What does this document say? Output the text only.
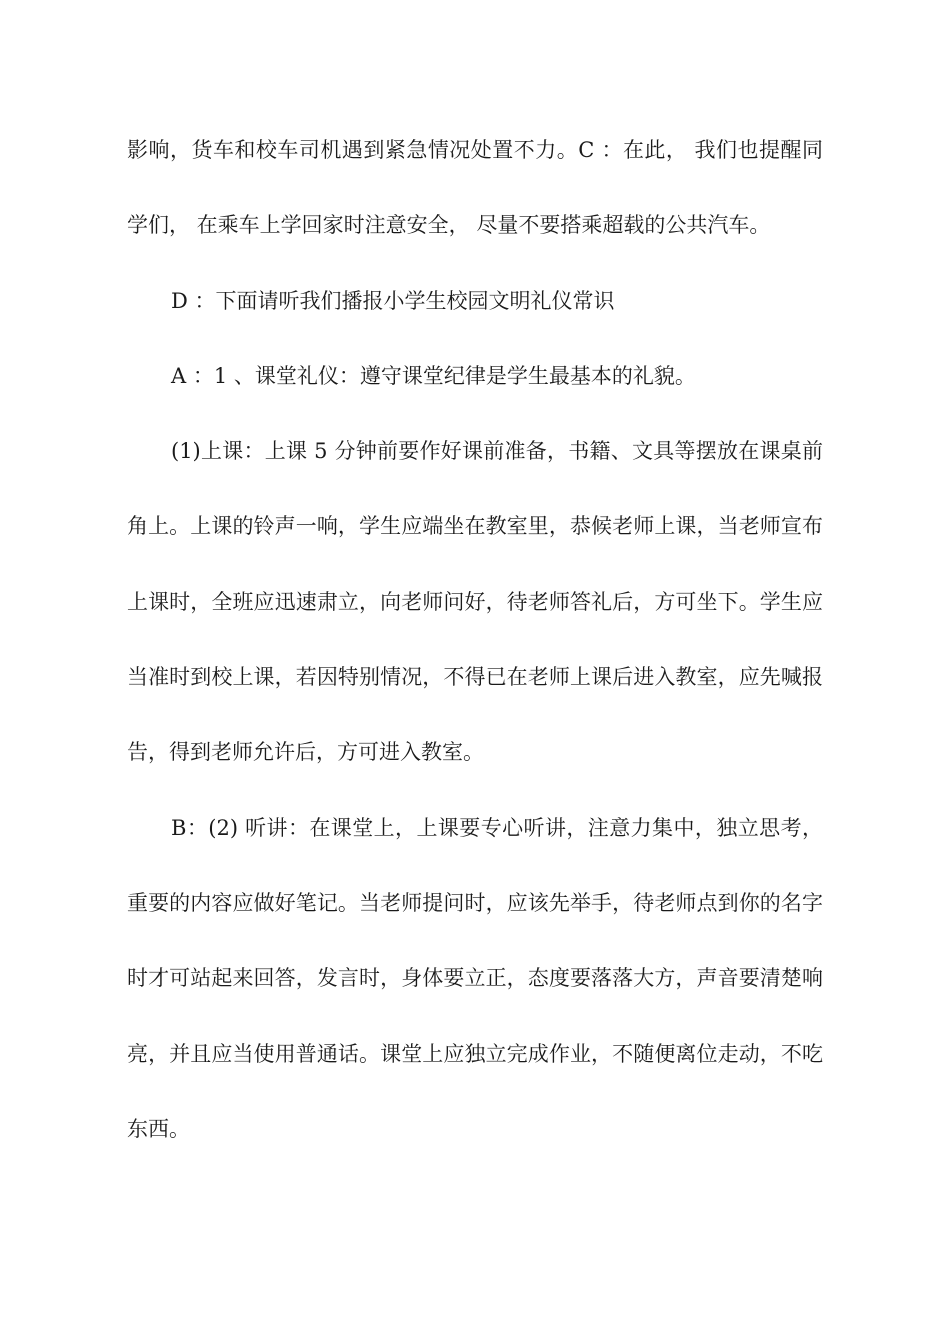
影响，货车和校车司机遇到紧急情况处置不力。C ：在此， 我们也提醒同学们， 在乘车上学回家时注意安全， 尽量不要搭乘超载的公共汽车。

D ：下面请听我们播报小学生校园文明礼仪常识

A ：1 、课堂礼仪：遵守课堂纪律是学生最基本的礼貌。

(1)上课：上课 5 分钟前要作好课前准备，书籍、文具等摆放在课桌前角上。上课的铃声一响，学生应端坐在教室里，恭候老师上课，当老师宣布上课时，全班应迅速肃立，向老师问好，待老师答礼后，方可坐下。学生应当准时到校上课，若因特别情况，不得已在老师上课后进入教室，应先喊报告，得到老师允许后，方可进入教室。

B：(2) 听讲：在课堂上，上课要专心听讲，注意力集中，独立思考，重要的内容应做好笔记。当老师提问时，应该先举手，待老师点到你的名字时才可站起来回答，发言时，身体要立正，态度要落落大方，声音要清楚响亮，并且应当使用普通话。课堂上应独立完成作业，不随便离位走动，不吃东西。
